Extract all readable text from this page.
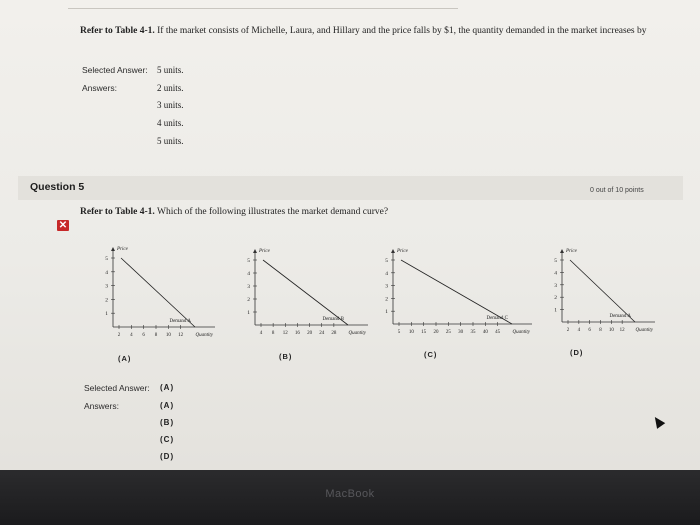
Refer to Table 4-1. If the market consists of Michelle, Laura, and Hillary and the price falls by $1, the quantity demanded in the market increases by
Selected Answer: 5 units.
Answers:	2 units.
3 units.
4 units.
5 units.
Question 5	0 out of 10 points
✕
Refer to Table 4-1. Which of the following illustrates the market demand curve?
Price
5
4
3
2
1
2 4 6 8 10 12 Quantity
Demand A
Price
5
4
3
2
1
4 8 12 16 20 24 28 Quantity
Demand B
Price
5
4
3
2
1
5 10 15 20 25 30 35 40 45 Quantity
Demand C
Price
5
4
3
2
1
2 4 6 8 10 12 Quantity
Demand A
(A)	(B)	(C)	(D)
Selected Answer: (A)
Answers:	(A)
(B)
(C)
(D)
MacBook
